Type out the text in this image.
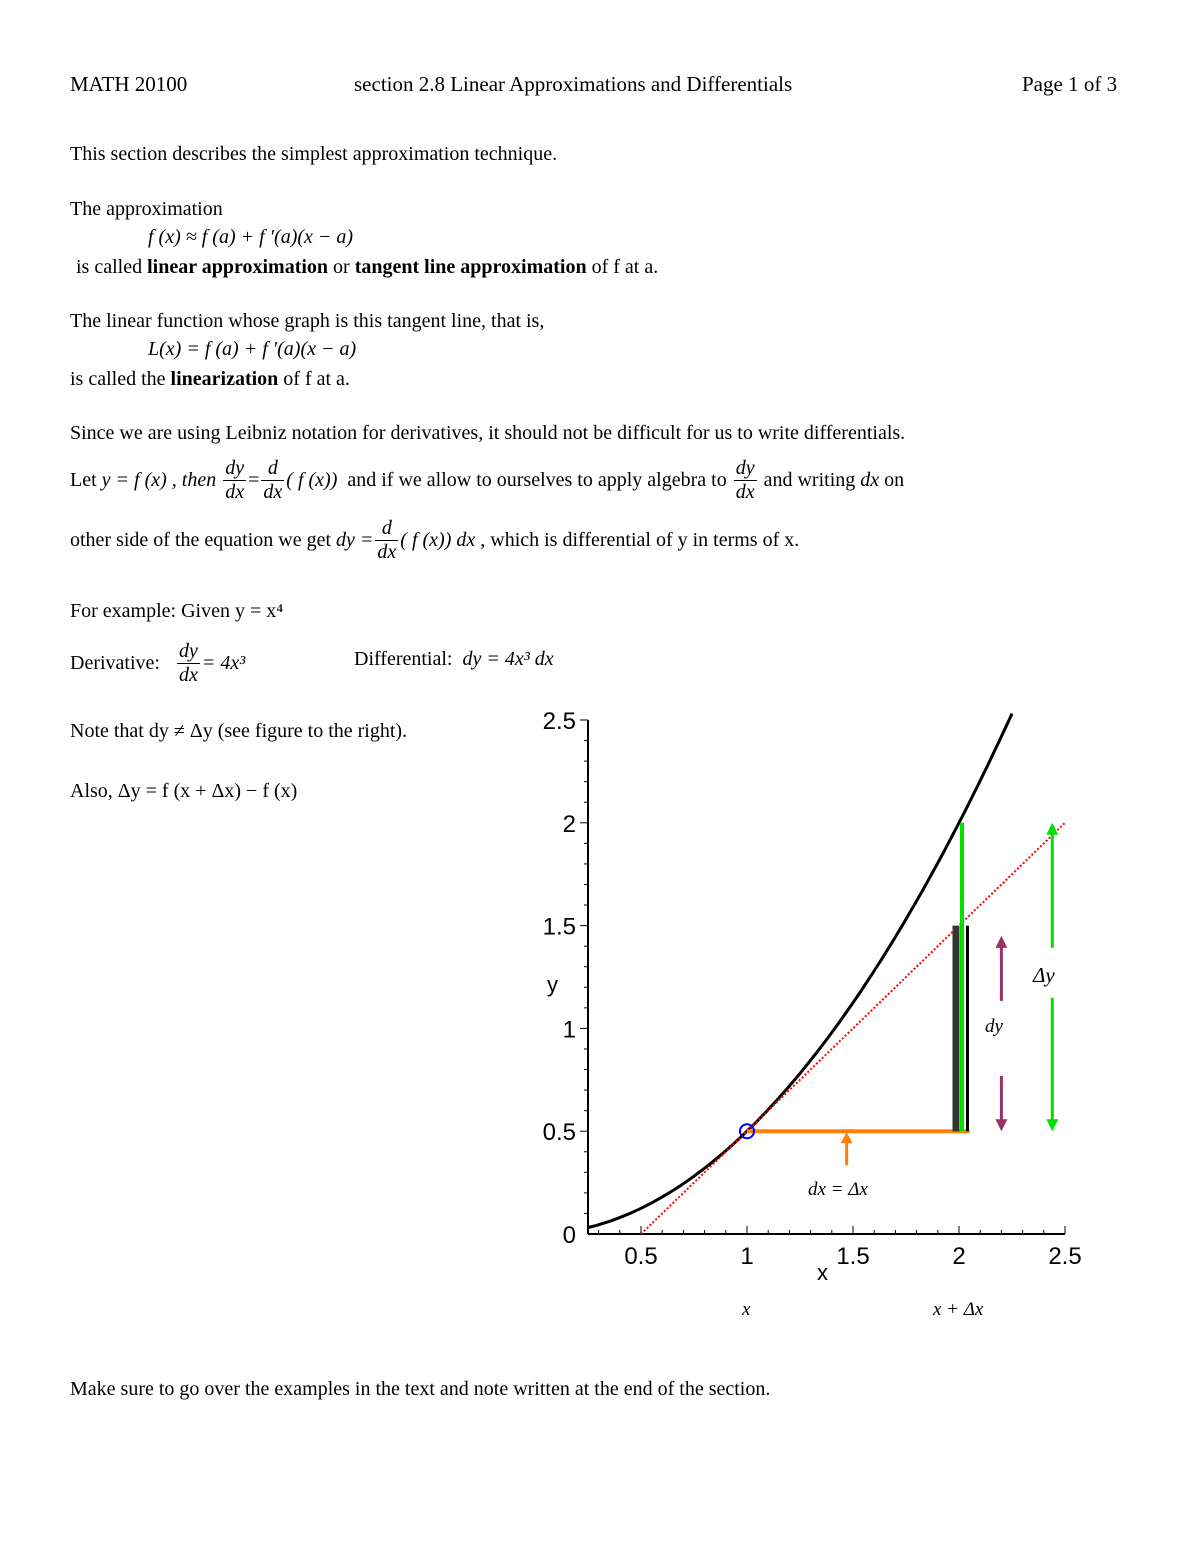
MATH 20100	section 2.8 Linear Approximations and Differentials	Page 1 of 3
This section describes the simplest approximation technique.
The approximation
f (x) ≈ f (a) + f ′(a)(x − a)
is called linear approximation or tangent line approximation of f at a.
The linear function whose graph is this tangent line, that is,
L(x) = f (a) + f ′(a)(x − a)
is called the linearization of f at a.
Since we are using Leibniz notation for derivatives, it should not be difficult for us to write differentials.
Let
y = f (x) , then
$\frac{dy}{dx} = \frac{d}{dx}$ ( f (x))
and if we allow to ourselves to apply algebra to
$\frac{dy}{dx}$
and writing
dx
on
other side of the equation we get
dy = $\frac{d}{dx}$ ( f (x)) dx ,
which is differential of y in terms of x.
For example: Given y = x⁴
Derivative:
$\frac{dy}{dx} = 4x^3$	Differential: dy = 4x³ dx
Note that dy ≠ Δy (see figure to the right).
Also, Δy = f (x + Δx) − f (x)
0.5	1	1.5	2	2.5
0
0.5
1
1.5
2
2.5
y
x
dx = Δx
dy
Δy
x	x + Δx
Make sure to go over the examples in the text and note written at the end of the section.
